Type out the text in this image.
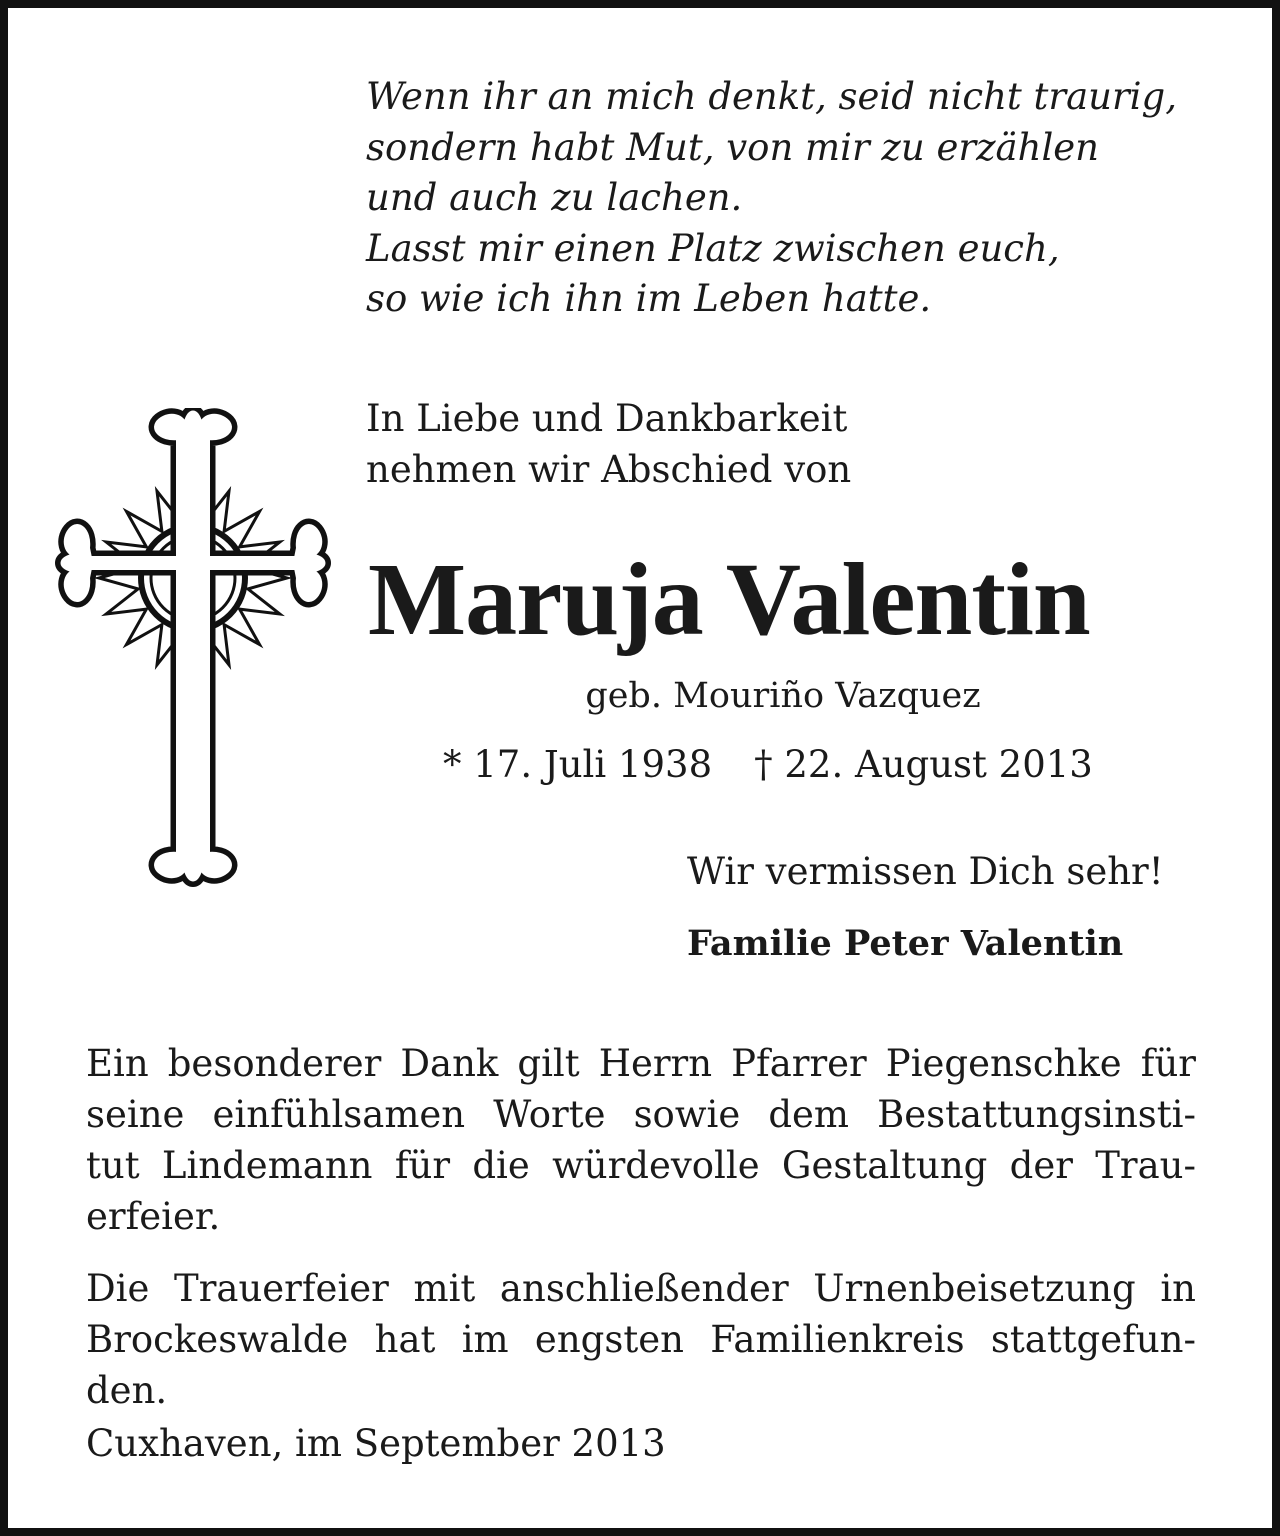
Wenn ihr an mich denkt, seid nicht traurig,
sondern habt Mut, von mir zu erzählen
und auch zu lachen.
Lasst mir einen Platz zwischen euch,
so wie ich ihn im Leben hatte.
In Liebe und Dankbarkeit
nehmen wir Abschied von
Maruja Valentin
geb. Mouriño Vazquez
* 17. Juli 1938 † 22. August 2013
Wir vermissen Dich sehr!
Familie Peter Valentin
Ein besonderer Dank gilt Herrn Pfarrer Piegenschke für
seine einfühlsamen Worte sowie dem Bestattungsinsti-
tut Lindemann für die würdevolle Gestaltung der Trau-
erfeier.
Die Trauerfeier mit anschließender Urnenbeisetzung in
Brockeswalde hat im engsten Familienkreis stattgefun-
den.
Cuxhaven, im September 2013
